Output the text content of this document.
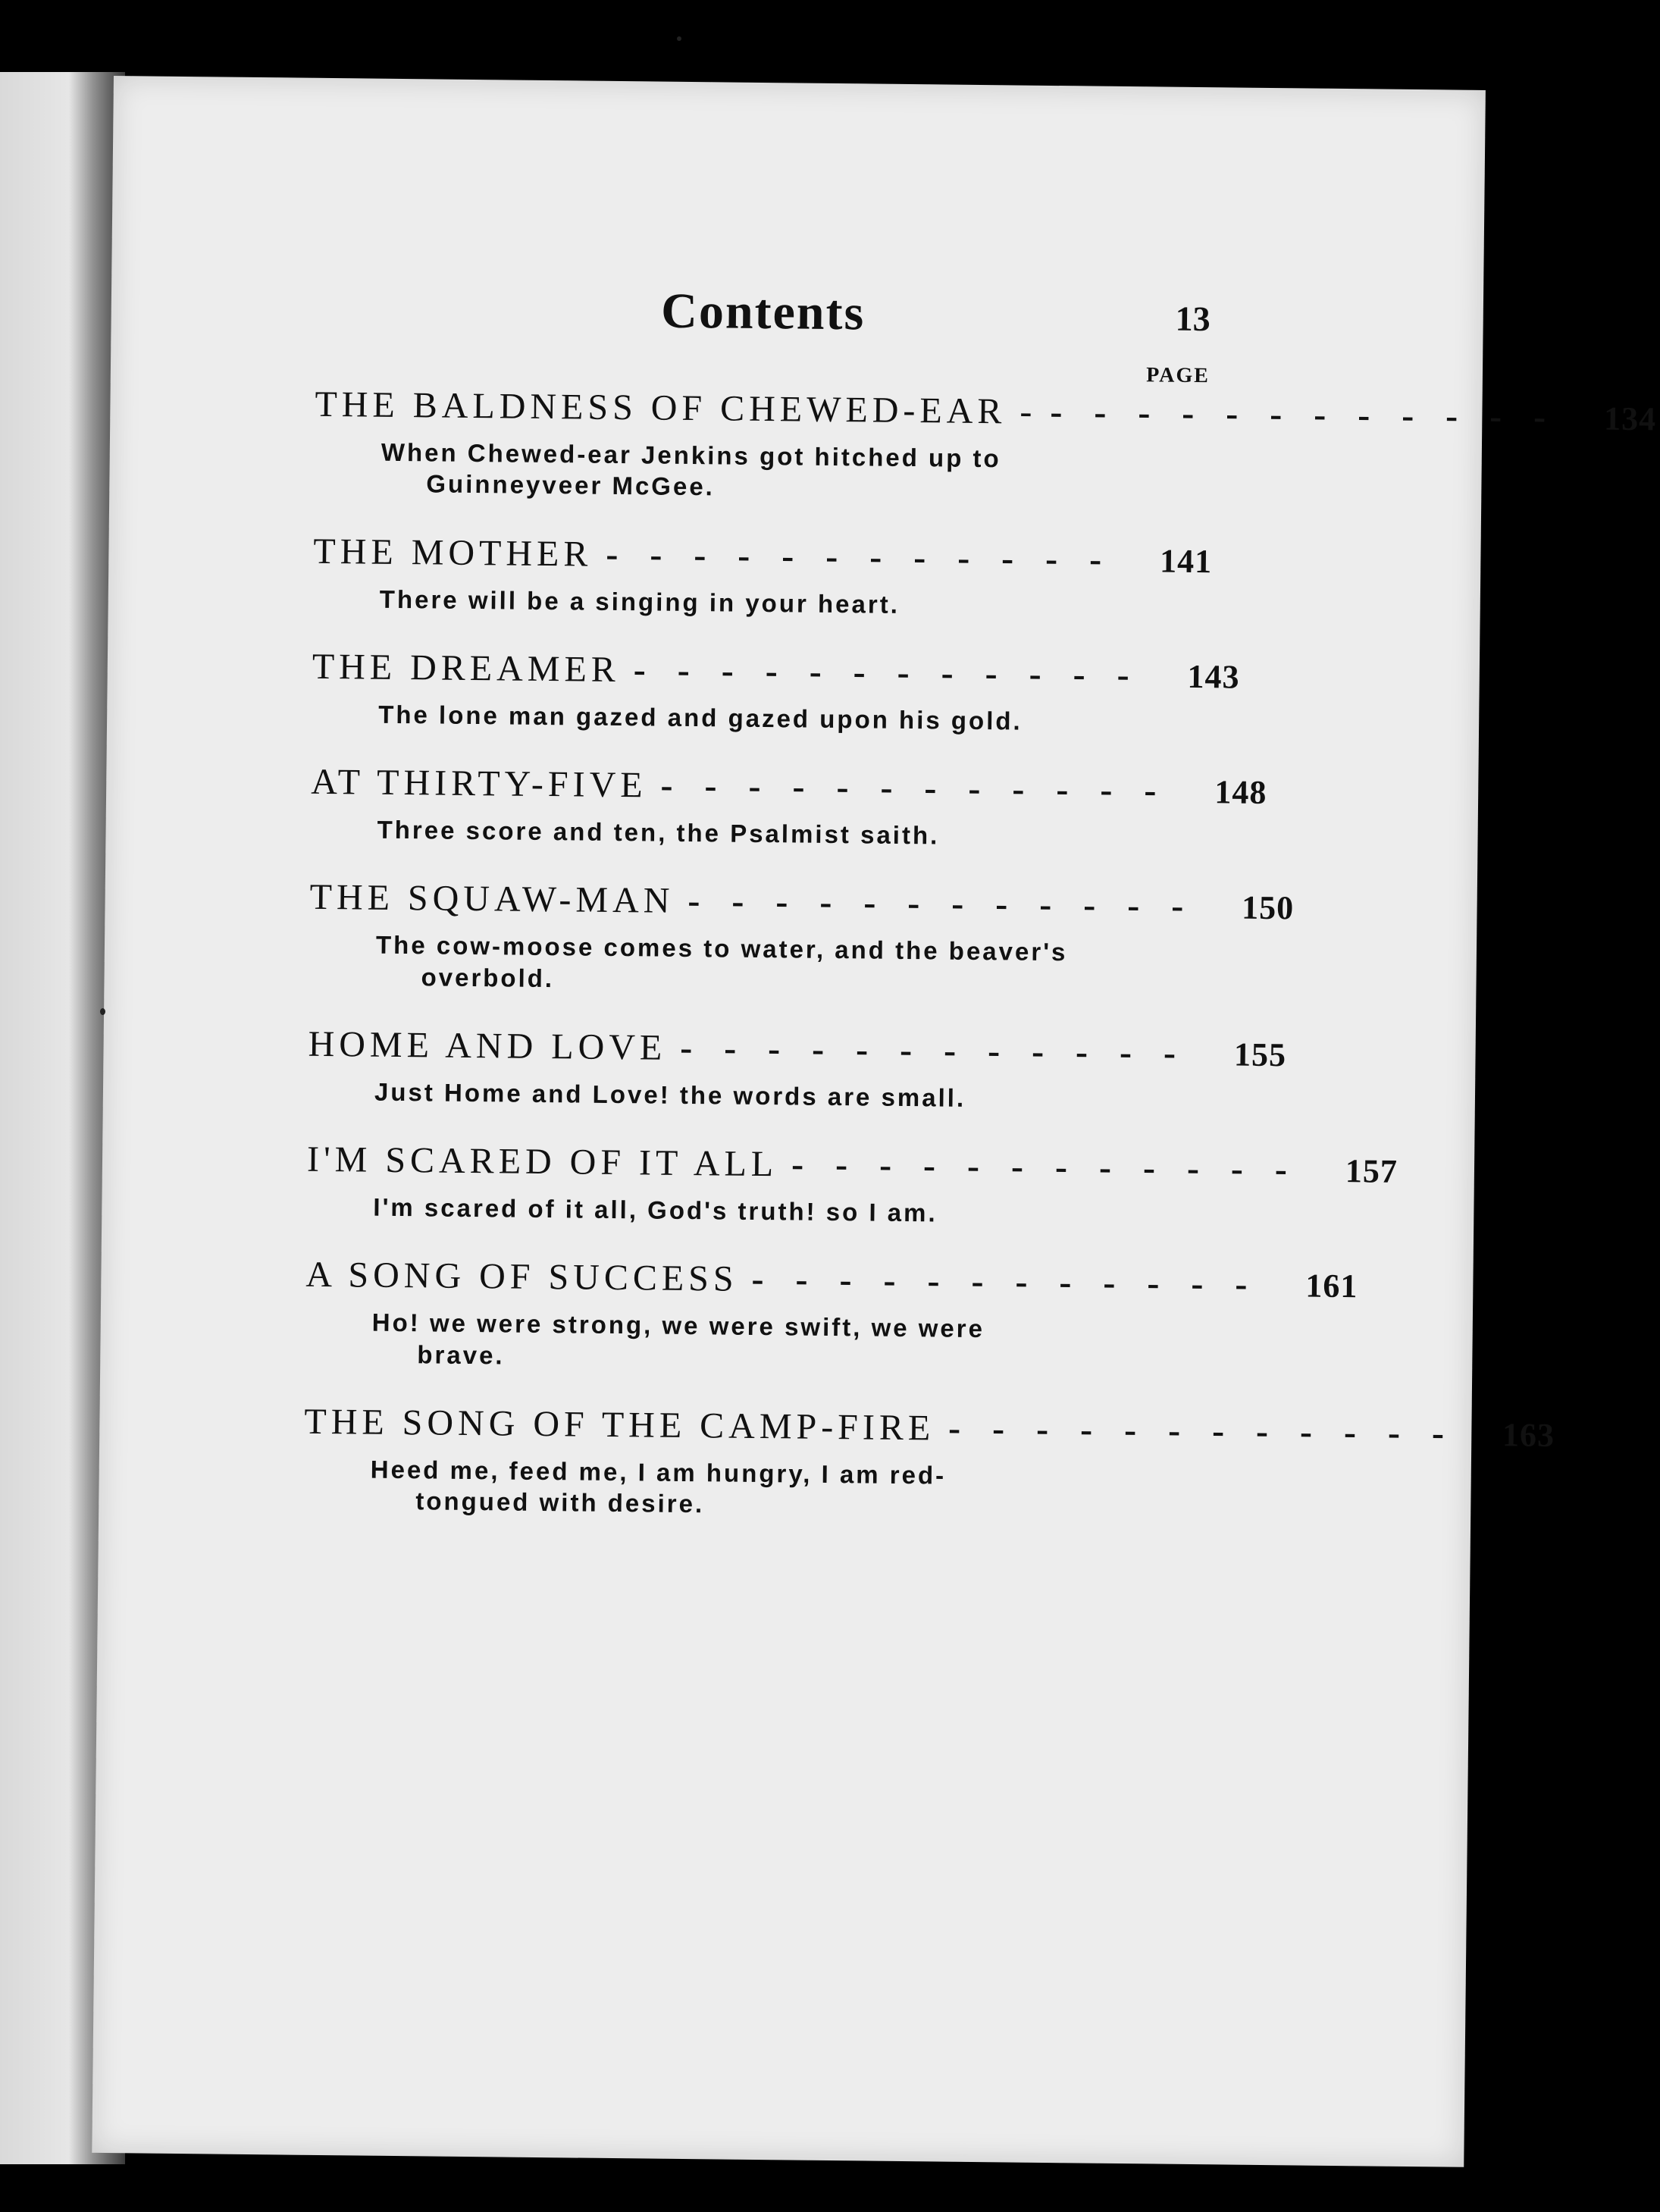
Contents	13
PAGE
THE BALDNESS OF CHEWED-EAR - ------------ 134
When Chewed-ear Jenkins got hitched up to
Guinneyveer McGee.
THE MOTHER ------------ 141
There will be a singing in your heart.
THE DREAMER ------------ 143
The lone man gazed and gazed upon his gold.
AT THIRTY-FIVE ------------ 148
Three score and ten, the Psalmist saith.
THE SQUAW-MAN ------------ 150
The cow-moose comes to water, and the beaver's
overbold.
HOME AND LOVE ------------ 155
Just Home and Love! the words are small.
I'M SCARED OF IT ALL ------------ 157
I'm scared of it all, God's truth! so I am.
A SONG OF SUCCESS ------------ 161
Ho! we were strong, we were swift, we were
brave.
THE SONG OF THE CAMP-FIRE ------------ 163
Heed me, feed me, I am hungry, I am red-
tongued with desire.
